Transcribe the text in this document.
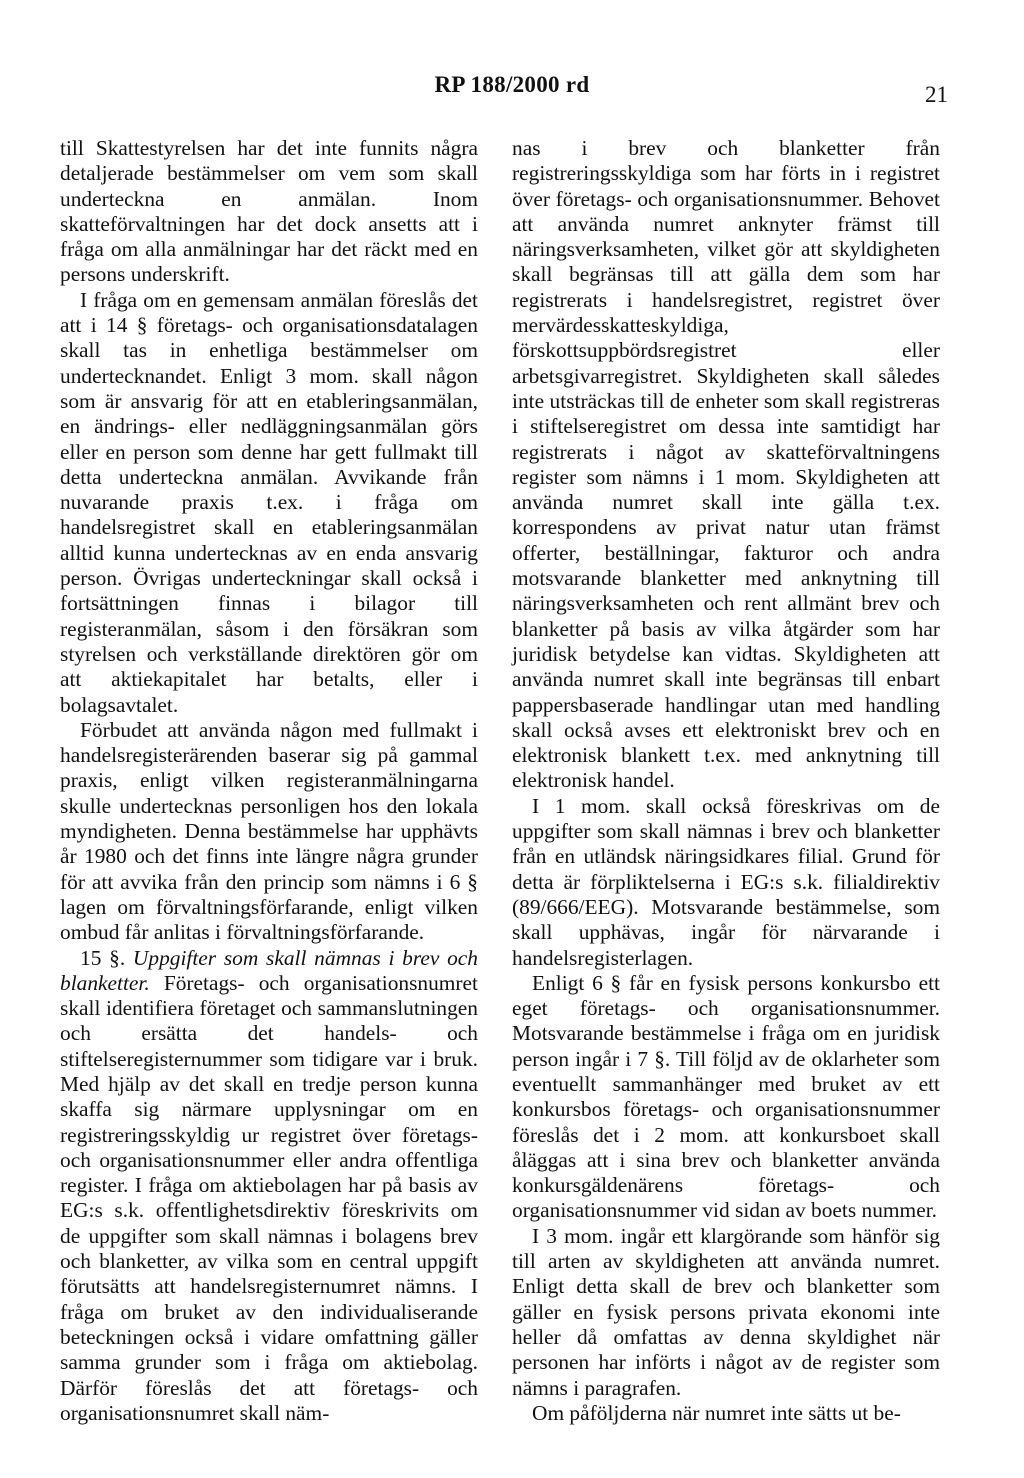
RP 188/2000 rd	21

till Skattestyrelsen har det inte funnits några detaljerade bestämmelser om vem som skall underteckna en anmälan. Inom skatteförvaltningen har det dock ansetts att i fråga om alla anmälningar har det räckt med en persons underskrift.

I fråga om en gemensam anmälan föreslås det att i 14 § företags- och organisationsdatalagen skall tas in enhetliga bestämmelser om undertecknandet. Enligt 3 mom. skall någon som är ansvarig för att en etableringsanmälan, en ändrings- eller nedläggningsanmälan görs eller en person som denne har gett fullmakt till detta underteckna anmälan. Avvikande från nuvarande praxis t.ex. i fråga om handelsregistret skall en etableringsanmälan alltid kunna undertecknas av en enda ansvarig person. Övrigas underteckningar skall också i fortsättningen finnas i bilagor till registeranmälan, såsom i den försäkran som styrelsen och verkställande direktören gör om att aktiekapitalet har betalts, eller i bolagsavtalet.

Förbudet att använda någon med fullmakt i handelsregisterärenden baserar sig på gammal praxis, enligt vilken registeranmälningarna skulle undertecknas personligen hos den lokala myndigheten. Denna bestämmelse har upphävts år 1980 och det finns inte längre några grunder för att avvika från den princip som nämns i 6 § lagen om förvaltningsförfarande, enligt vilken ombud får anlitas i förvaltningsförfarande.

15 §. Uppgifter som skall nämnas i brev och blanketter. Företags- och organisationsnumret skall identifiera företaget och sammanslutningen och ersätta det handels- och stiftelseregisternummer som tidigare var i bruk. Med hjälp av det skall en tredje person kunna skaffa sig närmare upplysningar om en registreringsskyldig ur registret över företags- och organisationsnummer eller andra offentliga register. I fråga om aktiebolagen har på basis av EG:s s.k. offentlighetsdirektiv föreskrivits om de uppgifter som skall nämnas i bolagens brev och blanketter, av vilka som en central uppgift förutsätts att handelsregisternumret nämns. I fråga om bruket av den individualiserande beteckningen också i vidare omfattning gäller samma grunder som i fråga om aktiebolag. Därför föreslås det att företags- och organisationsnumret skall näm-

nas i brev och blanketter från registreringsskyldiga som har förts in i registret över företags- och organisationsnummer. Behovet att använda numret anknyter främst till näringsverksamheten, vilket gör att skyldigheten skall begränsas till att gälla dem som har registrerats i handelsregistret, registret över mervärdesskatteskyldiga, förskottsuppbördsregistret eller arbetsgivarregistret. Skyldigheten skall således inte utsträckas till de enheter som skall registreras i stiftelseregistret om dessa inte samtidigt har registrerats i något av skatteförvaltningens register som nämns i 1 mom. Skyldigheten att använda numret skall inte gälla t.ex. korrespondens av privat natur utan främst offerter, beställningar, fakturor och andra motsvarande blanketter med anknytning till näringsverksamheten och rent allmänt brev och blanketter på basis av vilka åtgärder som har juridisk betydelse kan vidtas. Skyldigheten att använda numret skall inte begränsas till enbart pappersbaserade handlingar utan med handling skall också avses ett elektroniskt brev och en elektronisk blankett t.ex. med anknytning till elektronisk handel.

I 1 mom. skall också föreskrivas om de uppgifter som skall nämnas i brev och blanketter från en utländsk näringsidkares filial. Grund för detta är förpliktelserna i EG:s s.k. filialdirektiv (89/666/EEG). Motsvarande bestämmelse, som skall upphävas, ingår för närvarande i handelsregisterlagen.

Enligt 6 § får en fysisk persons konkursbo ett eget företags- och organisationsnummer. Motsvarande bestämmelse i fråga om en juridisk person ingår i 7 §. Till följd av de oklarheter som eventuellt sammanhänger med bruket av ett konkursbos företags- och organisationsnummer föreslås det i 2 mom. att konkursboet skall åläggas att i sina brev och blanketter använda konkursgäldenärens företags- och organisationsnummer vid sidan av boets nummer.

I 3 mom. ingår ett klargörande som hänför sig till arten av skyldigheten att använda numret. Enligt detta skall de brev och blanketter som gäller en fysisk persons privata ekonomi inte heller då omfattas av denna skyldighet när personen har införts i något av de register som nämns i paragrafen.

Om påföljderna när numret inte sätts ut be-
